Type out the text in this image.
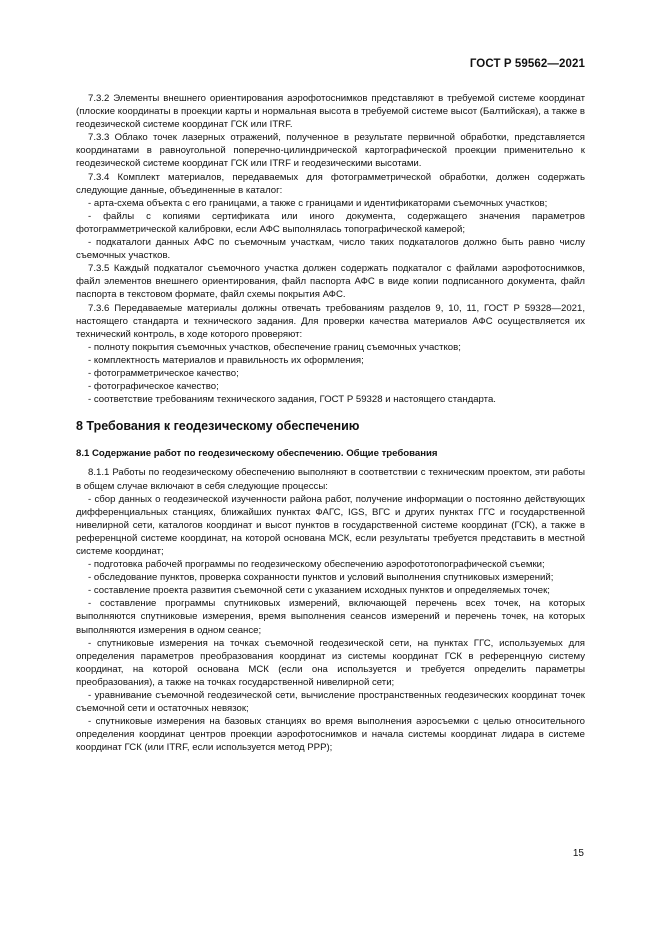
ГОСТ Р 59562—2021

7.3.2 Элементы внешнего ориентирования аэрофотоснимков представляют в требуемой системе координат (плоские координаты в проекции карты и нормальная высота в требуемой системе высот (Балтийская), а также в геодезической системе координат ГСК или ITRF.

7.3.3 Облако точек лазерных отражений, полученное в результате первичной обработки, представляется координатами в равноугольной поперечно-цилиндрической картографической проекции применительно к геодезической системе координат ГСК или ITRF и геодезическими высотами.

7.3.4 Комплект материалов, передаваемых для фотограмметрической обработки, должен содержать следующие данные, объединенные в каталог:

- арта-схема объекта с его границами, а также с границами и идентификаторами съемочных участков;

- файлы с копиями сертификата или иного документа, содержащего значения параметров фотограмметрической калибровки, если АФС выполнялась топографической камерой;

- подкаталоги данных АФС по съемочным участкам, число таких подкаталогов должно быть равно числу съемочных участков.

7.3.5 Каждый подкаталог съемочного участка должен содержать подкаталог с файлами аэрофотоснимков, файл элементов внешнего ориентирования, файл паспорта АФС в виде копии подписанного документа, файл паспорта в текстовом формате, файл схемы покрытия АФС.

7.3.6 Передаваемые материалы должны отвечать требованиям разделов 9, 10, 11, ГОСТ Р 59328—2021, настоящего стандарта и технического задания. Для проверки качества материалов АФС осуществляется их технический контроль, в ходе которого проверяют:

- полноту покрытия съемочных участков, обеспечение границ съемочных участков;

- комплектность материалов и правильность их оформления;

- фотограмметрическое качество;

- фотографическое качество;

- соответствие требованиям технического задания, ГОСТ Р 59328 и настоящего стандарта.

8 Требования к геодезическому обеспечению

8.1 Содержание работ по геодезическому обеспечению. Общие требования

8.1.1 Работы по геодезическому обеспечению выполняют в соответствии с техническим проектом, эти работы в общем случае включают в себя следующие процессы:

- сбор данных о геодезической изученности района работ, получение информации о постоянно действующих дифференциальных станциях, ближайших пунктах ФАГС, IGS, ВГС и других пунктах ГГС и государственной нивелирной сети, каталогов координат и высот пунктов в государственной системе координат (ГСК), а также в референцной системе координат, на которой основана МСК, если результаты требуется представить в местной системе координат;

- подготовка рабочей программы по геодезическому обеспечению аэрофототопографической съемки;

- обследование пунктов, проверка сохранности пунктов и условий выполнения спутниковых измерений;

- составление проекта развития съемочной сети с указанием исходных пунктов и определяемых точек;

- составление программы спутниковых измерений, включающей перечень всех точек, на которых выполняются спутниковые измерения, время выполнения сеансов измерений и перечень точек, на которых выполняются измерения в одном сеансе;

- спутниковые измерения на точках съемочной геодезической сети, на пунктах ГГС, используемых для определения параметров преобразования координат из системы координат ГСК в референцную систему координат, на которой основана МСК (если она используется и требуется определить параметры преобразования), а также на точках государственной нивелирной сети;

- уравнивание съемочной геодезической сети, вычисление пространственных геодезических координат точек съемочной сети и остаточных невязок;

- спутниковые измерения на базовых станциях во время выполнения аэросъемки с целью относительного определения координат центров проекции аэрофотоснимков и начала системы координат лидара в системе координат ГСК (или ITRF, если используется метод PPP);

15
